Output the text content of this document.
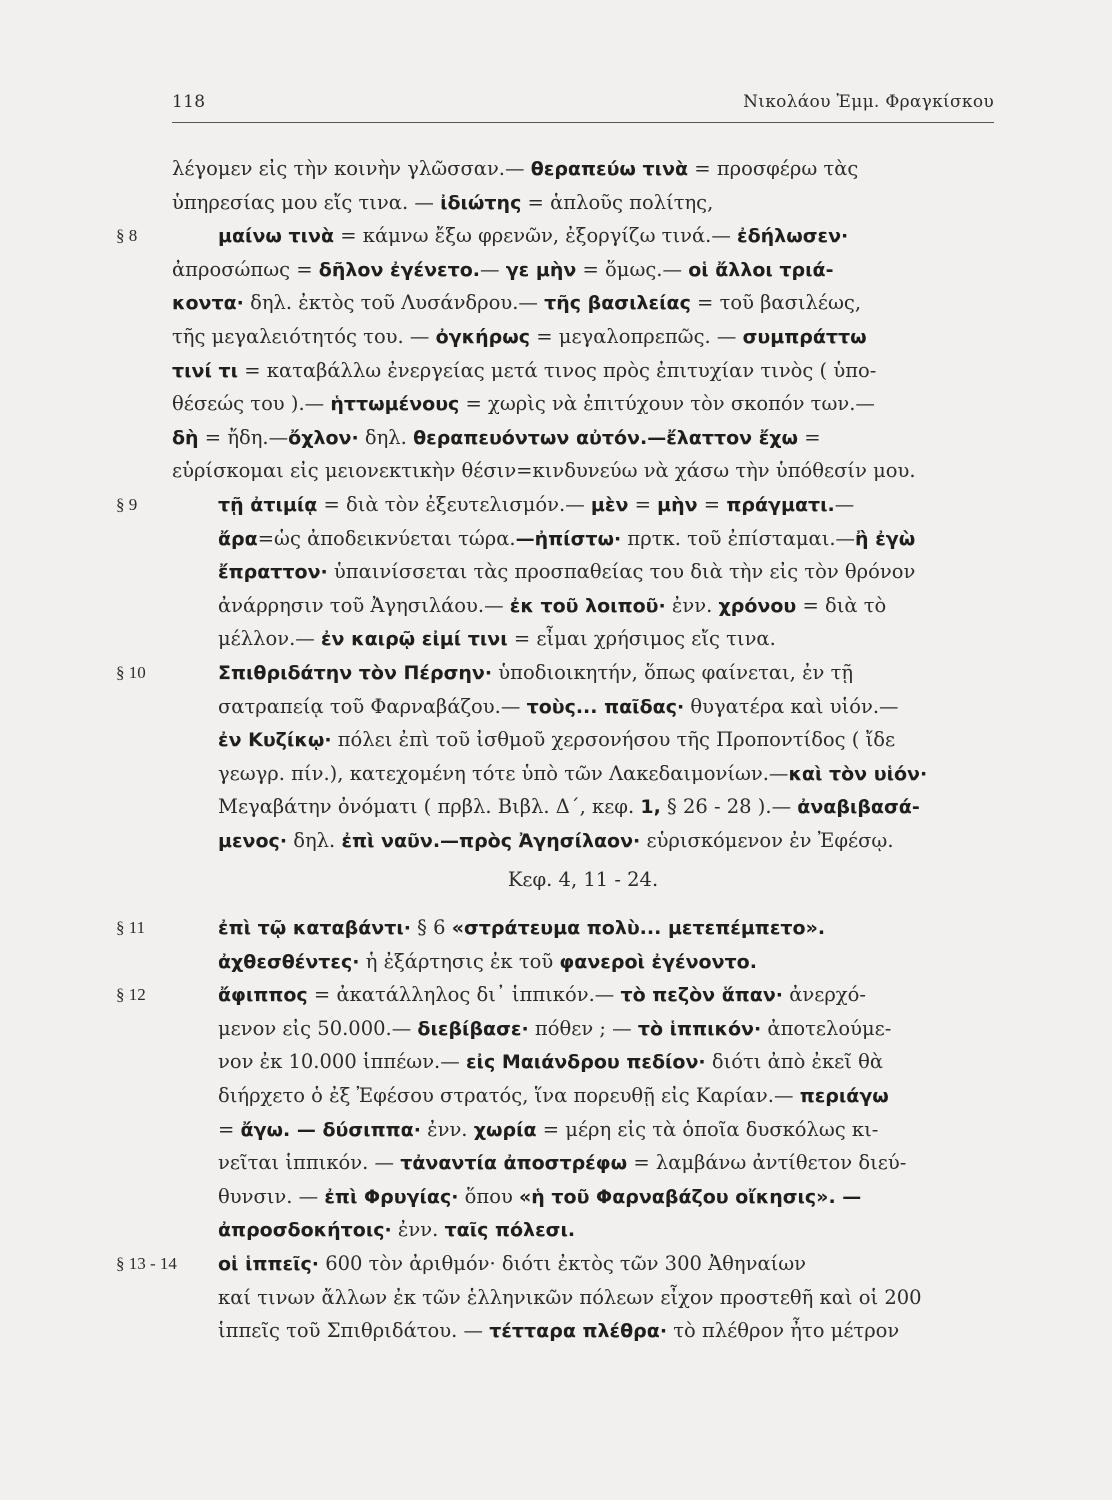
118	Νικολάου Ἐμμ. Φραγκίσκου
λέγομεν εἰς τὴν κοινὴν γλῶσσαν.— θεραπεύω τινὰ = προσφέρω τὰς
ὑπηρεσίας μου εἴς τινα. — ἰδιώτης = ἁπλοῦς πολίτης,
§ 8	μαίνω τινὰ = κάμνω ἔξω φρενῶν, ἐξοργίζω τινά.— ἐδήλωσεν·
ἀπροσώπως = δῆλον ἐγένετο.— γε μὴν = ὅμως.— οἱ ἄλλοι τριά-
κοντα· δηλ. ἐκτὸς τοῦ Λυσάνδρου.— τῆς βασιλείας = τοῦ βασιλέως,
τῆς μεγαλειότητός του. — ὀγκήρως = μεγαλοπρεπῶς. — συμπράττω
τινί τι = καταβάλλω ἐνεργείας μετά τινος πρὸς ἐπιτυχίαν τινὸς ( ὑπο-
θέσεώς του ).— ἡττωμένους = χωρὶς νὰ ἐπιτύχουν τὸν σκοπόν των.—
δὴ = ἤδη.—ὄχλον· δηλ. θεραπευόντων αὐτόν.—ἔλαττον ἔχω =
εὑρίσκομαι εἰς μειονεκτικὴν θέσιν=κινδυνεύω νὰ χάσω τὴν ὑπόθεσίν μου.
§ 9	τῇ ἀτιμίᾳ = διὰ τὸν ἐξευτελισμόν.— μὲν = μὴν = πράγματι.—
ἄρα=ὡς ἀποδεικνύεται τώρα.—ἠπίστω· πρτκ. τοῦ ἐπίσταμαι.—ἢ ἐγὼ
ἔπραττον· ὑπαινίσσεται τὰς προσπαθείας του διὰ τὴν εἰς τὸν θρόνον
ἀνάρρησιν τοῦ Ἀγησιλάου.— ἐκ τοῦ λοιποῦ· ἐνν. χρόνου = διὰ τὸ
μέλλον.— ἐν καιρῷ εἰμί τινι = εἶμαι χρήσιμος εἴς τινα.
§ 10	Σπιθριδάτην τὸν Πέρσην· ὑποδιοικητήν, ὅπως φαίνεται, ἐν τῇ
σατραπείᾳ τοῦ Φαρναβάζου.— τοὺς... παῖδας· θυγατέρα καὶ υἱόν.—
ἐν Κυζίκῳ· πόλει ἐπὶ τοῦ ἰσθμοῦ χερσονήσου τῆς Προποντίδος ( ἴδε
γεωγρ. πίν.), κατεχομένη τότε ὑπὸ τῶν Λακεδαιμονίων.—καὶ τὸν υἱόν·
Μεγαβάτην ὀνόματι ( πρβλ. Βιβλ. Δ΄, κεφ. 1, § 26 - 28 ).— ἀναβιβασά-
μενος· δηλ. ἐπὶ ναῦν.—πρὸς Ἀγησίλαον· εὑρισκόμενον ἐν Ἐφέσῳ.
Κεφ. 4, 11 - 24.
§ 11	ἐπὶ τῷ καταβάντι· § 6 «στράτευμα πολὺ... μετεπέμπετο».
ἀχθεσθέντες· ἡ ἐξάρτησις ἐκ τοῦ φανεροὶ ἐγένοντο.
§ 12	ἄφιππος = ἀκατάλληλος δι᾽ ἱππικόν.— τὸ πεζὸν ἅπαν· ἀνερχό-
μενον εἰς 50.000.— διεβίβασε· πόθεν ; — τὸ ἱππικόν· ἀποτελούμε-
νον ἐκ 10.000 ἱππέων.— εἰς Μαιάνδρου πεδίον· διότι ἀπὸ ἐκεῖ θὰ
διήρχετο ὁ ἐξ Ἐφέσου στρατός, ἵνα πορευθῇ εἰς Καρίαν.— περιάγω
= ἄγω. — δύσιππα· ἐνν. χωρία = μέρη εἰς τὰ ὁποῖα δυσκόλως κι-
νεῖται ἱππικόν. — τἀναντία ἀποστρέφω = λαμβάνω ἀντίθετον διεύ-
θυνσιν. — ἐπὶ Φρυγίας· ὅπου «ἡ τοῦ Φαρναβάζου οἴκησις». —
ἀπροσδοκήτοις· ἐνν. ταῖς πόλεσι.
§ 13 - 14 οἱ ἱππεῖς· 600 τὸν ἀριθμόν· διότι ἐκτὸς τῶν 300 Ἀθηναίων
καί τινων ἄλλων ἐκ τῶν ἑλληνικῶν πόλεων εἶχον προστεθῆ καὶ οἱ 200
ἱππεῖς τοῦ Σπιθριδάτου. — τέτταρα πλέθρα· τὸ πλέθρον ἦτο μέτρον
